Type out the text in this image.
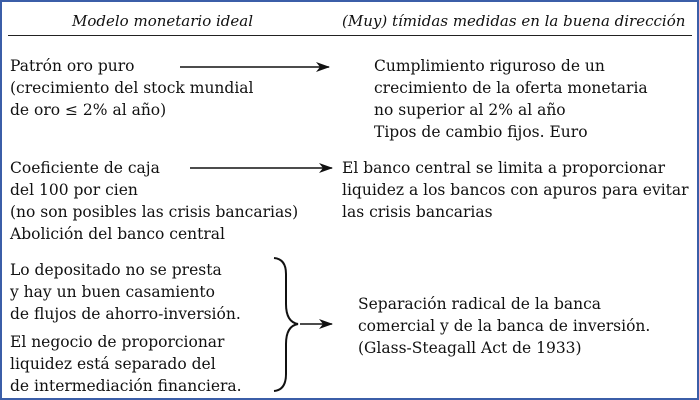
Modelo monetario ideal	(Muy) tímidas medidas en la buena dirección
Patrón oro puro
(crecimiento del stock mundial
de oro ≤ 2% al año)
Cumplimiento riguroso de un
crecimiento de la oferta monetaria
no superior al 2% al año
Tipos de cambio fijos. Euro
Coeficiente de caja
del 100 por cien
(no son posibles las crisis bancarias)
Abolición del banco central
El banco central se limita a proporcionar
liquidez a los bancos con apuros para evitar
las crisis bancarias
Lo depositado no se presta
y hay un buen casamiento
de flujos de ahorro-inversión.
El negocio de proporcionar
liquidez está separado del
de intermediación financiera.
Separación radical de la banca
comercial y de la banca de inversión.
(Glass-Steagall Act de 1933)
